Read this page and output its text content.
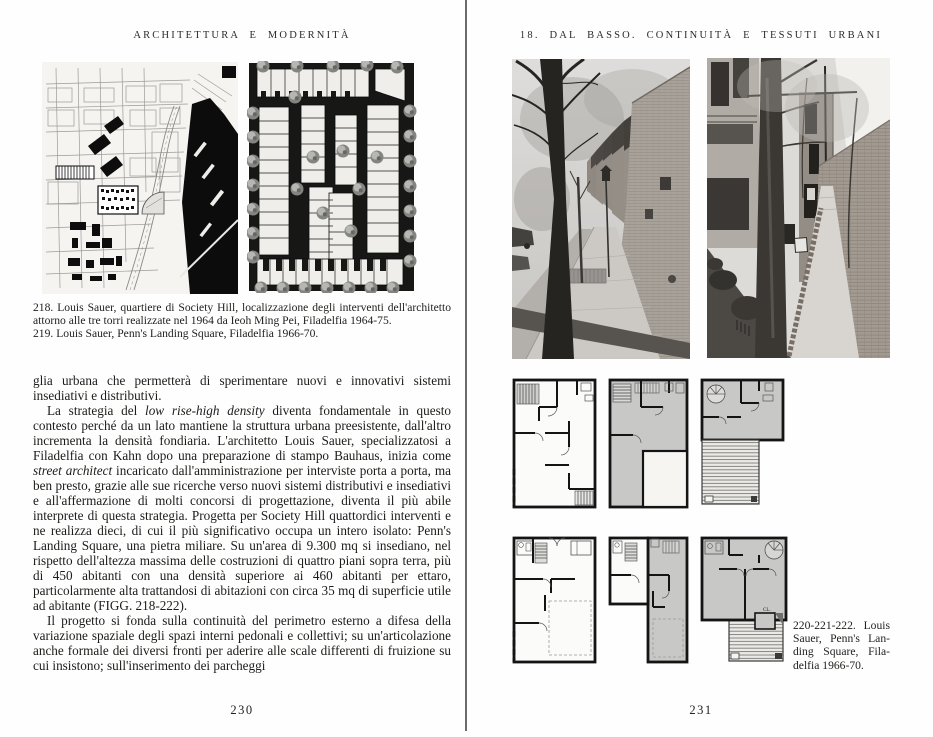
ARCHITETTURA E MODERNITÀ

218. Louis Sauer, quartiere di Society Hill, localizzazione degli interventi dell'architetto attorno alle tre torri realizzate nel 1964 da Ieoh Ming Pei, Filadelfia 1964-75.

219. Louis Sauer, Penn's Landing Square, Filadelfia 1966-70.

glia urbana che permetterà di sperimentare nuovi e innovativi sistemi insediativi e distributivi.

La strategia del low rise-high density diventa fondamentale in questo contesto perché da un lato mantiene la struttura urbana preesistente, dall'altro incrementa la densità fondiaria. L'architetto Louis Sauer, specializzatosi a Filadelfia con Kahn dopo una preparazione di stampo Bauhaus, inizia come street architect incaricato dall'amministrazione per interviste porta a porta, ma ben presto, grazie alle sue ricerche verso nuovi sistemi distributivi e insediativi e all'affermazione di molti concorsi di progettazione, diventa il più abile interprete di questa strategia. Progetta per Society Hill quattordici interventi e ne realizza dieci, di cui il più significativo occupa un intero isolato: Penn's Landing Square, una pietra miliare. Su un'area di 9.300 mq si insediano, nel rispetto dell'altezza massima delle costruzioni di quattro piani sopra terra, più di 450 abitanti con una densità superiore ai 460 abitanti per ettaro, particolarmente alta trattandosi di abitazioni con circa 35 mq di superficie utile ad abitante (FIGG. 218-222).

Il progetto si fonda sulla continuità del perimetro esterno a difesa della variazione spaziale degli spazi interni pedonali e collettivi; su un'articolazione anche formale dei diversi fronti per aderire alle scale differenti di fruizione su cui insistono; sull'inserimento dei parcheggi

230
18. DAL BASSO. CONTINUITÀ E TESSUTI URBANI
CL.
220-221-222. Louis Sauer, Penn's Landing Square, Filadelfia 1966-70.
231
